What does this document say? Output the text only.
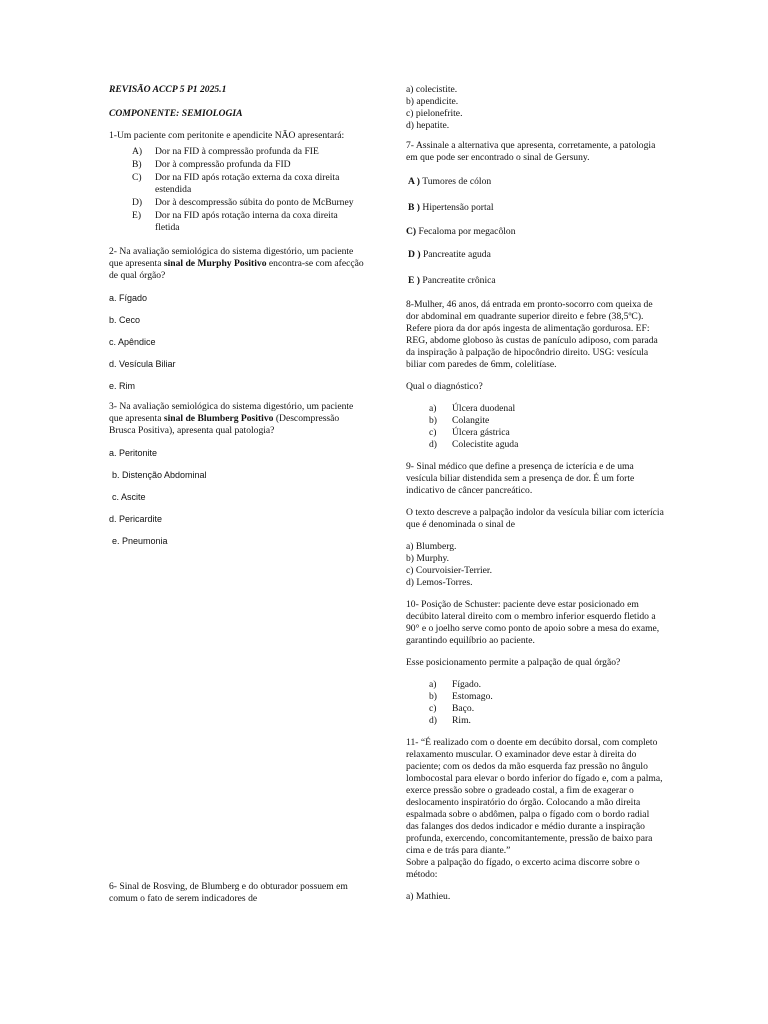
REVISÃO ACCP 5 P1 2025.1

COMPONENTE: SEMIOLOGIA

1-Um paciente com peritonite e apendicite NÃO apresentará:

A)	Dor na FID à compressão profunda da FIE
B)	Dor à compressão profunda da FID
C)	Dor na FID após rotação externa da coxa direita estendida
D)	Dor à descompressão súbita do ponto de McBurney
E)	Dor na FID após rotação interna da coxa direita fletida

2- Na avaliação semiológica do sistema digestório, um paciente que apresenta sinal de Murphy Positivo encontra-se com afecção de qual órgão?

a. Fígado

b. Ceco

c. Apêndice

d. Vesícula Biliar

e. Rim

3- Na avaliação semiológica do sistema digestório, um paciente que apresenta sinal de Blumberg Positivo (Descompressão Brusca Positiva), apresenta qual patologia?

a. Peritonite

b. Distenção Abdominal

c. Ascite

d. Pericardite

e. Pneumonia

6- Sinal de Rosving, de Blumberg e do obturador possuem em comum o fato de serem indicadores de

a) colecistite.
b) apendicite.
c) pielonefrite.
d) hepatite.

7- Assinale a alternativa que apresenta, corretamente, a patologia em que pode ser encontrado o sinal de Gersuny.

A ) Tumores de cólon

B ) Hipertensão portal

C) Fecaloma por megacôlon

D ) Pancreatite aguda

E ) Pancreatite crônica

8-Mulher, 46 anos, dá entrada em pronto-socorro com queixa de dor abdominal em quadrante superior direito e febre (38,5ºC). Refere piora da dor após ingesta de alimentação gordurosa. EF: REG, abdome globoso às custas de panículo adiposo, com parada da inspiração à palpação de hipocôndrio direito. USG: vesícula biliar com paredes de 6mm, colelitíase.

Qual o diagnóstico?

a)	Úlcera duodenal
b)	Colangite
c)	Úlcera gástrica
d)	Colecistite aguda

9- Sinal médico que define a presença de icterícia e de uma vesícula biliar distendida sem a presença de dor. É um forte indicativo de câncer pancreático.

O texto descreve a palpação indolor da vesícula biliar com icterícia que é denominada o sinal de

a) Blumberg.
b) Murphy.
c) Courvoisier-Terrier.
d) Lemos-Torres.

10- Posição de Schuster: paciente deve estar posicionado em decúbito lateral direito com o membro inferior esquerdo fletido a 90° e o joelho serve como ponto de apoio sobre a mesa do exame, garantindo equilíbrio ao paciente.

Esse posicionamento permite a palpação de qual órgão?

a)	Fígado.
b)	Estomago.
c)	Baço.
d)	Rim.

11- “É realizado com o doente em decúbito dorsal, com completo relaxamento muscular. O examinador deve estar à direita do paciente; com os dedos da mão esquerda faz pressão no ângulo lombocostal para elevar o bordo inferior do fígado e, com a palma, exerce pressão sobre o gradeado costal, a fim de exagerar o deslocamento inspiratório do órgão. Colocando a mão direita espalmada sobre o abdômen, palpa o fígado com o bordo radial das falanges dos dedos indicador e médio durante a inspiração profunda, exercendo, concomitantemente, pressão de baixo para cima e de trás para diante.”

Sobre a palpação do fígado, o excerto acima discorre sobre o método:

a) Mathieu.
